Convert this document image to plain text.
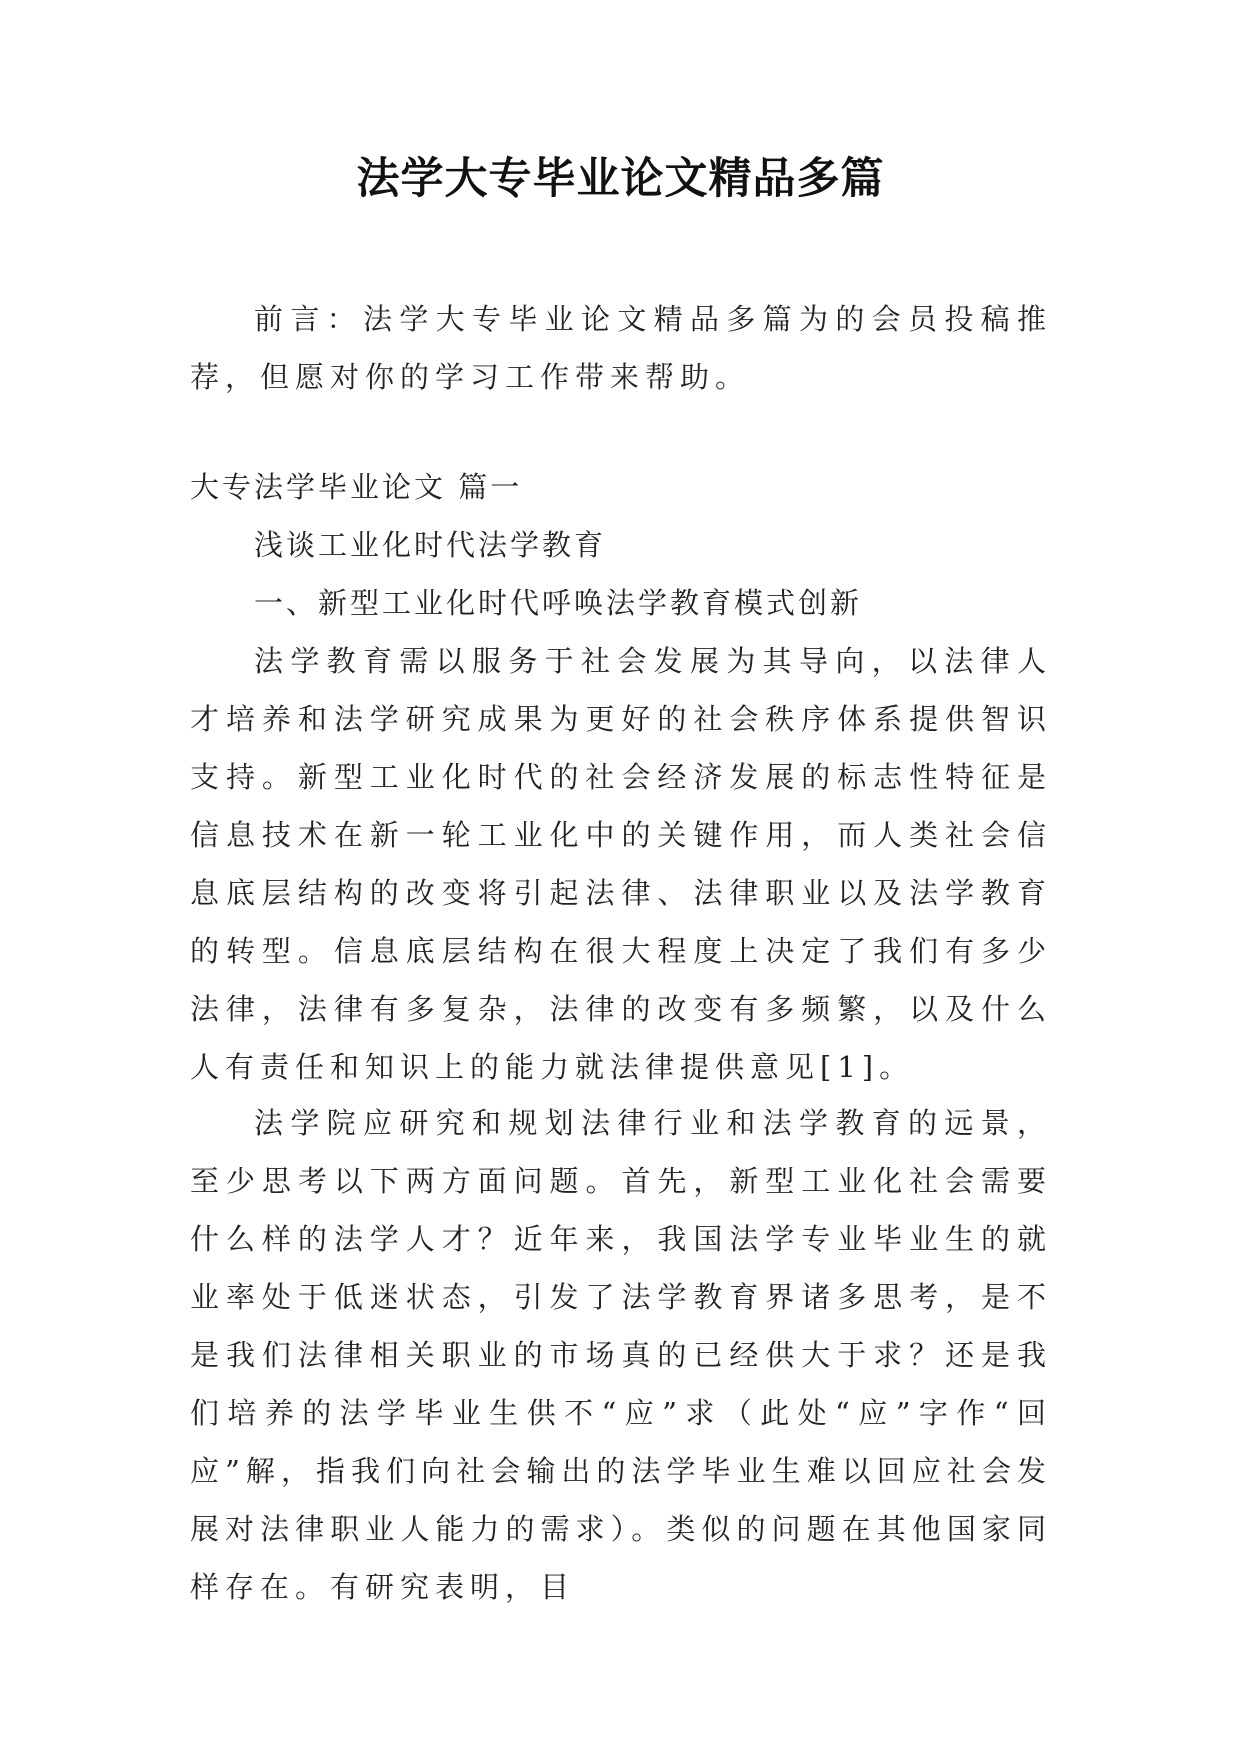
法学大专毕业论文精品多篇
前言：法学大专毕业论文精品多篇为的会员投稿推荐，但愿对你的学习工作带来帮助。
大专法学毕业论文 篇一
浅谈工业化时代法学教育
一、新型工业化时代呼唤法学教育模式创新
法学教育需以服务于社会发展为其导向，以法律人才培养和法学研究成果为更好的社会秩序体系提供智识支持。新型工业化时代的社会经济发展的标志性特征是信息技术在新一轮工业化中的关键作用，而人类社会信息底层结构的改变将引起法律、法律职业以及法学教育的转型。信息底层结构在很大程度上决定了我们有多少法律，法律有多复杂，法律的改变有多频繁，以及什么人有责任和知识上的能力就法律提供意见[1]。
法学院应研究和规划法律行业和法学教育的远景，至少思考以下两方面问题。首先，新型工业化社会需要什么样的法学人才？近年来，我国法学专业毕业生的就业率处于低迷状态，引发了法学教育界诸多思考，是不是我们法律相关职业的市场真的已经供大于求？还是我们培养的法学毕业生供不“应”求（此处“应”字作“回应”解，指我们向社会输出的法学毕业生难以回应社会发展对法律职业人能力的需求）。类似的问题在其他国家同样存在。有研究表明，目
